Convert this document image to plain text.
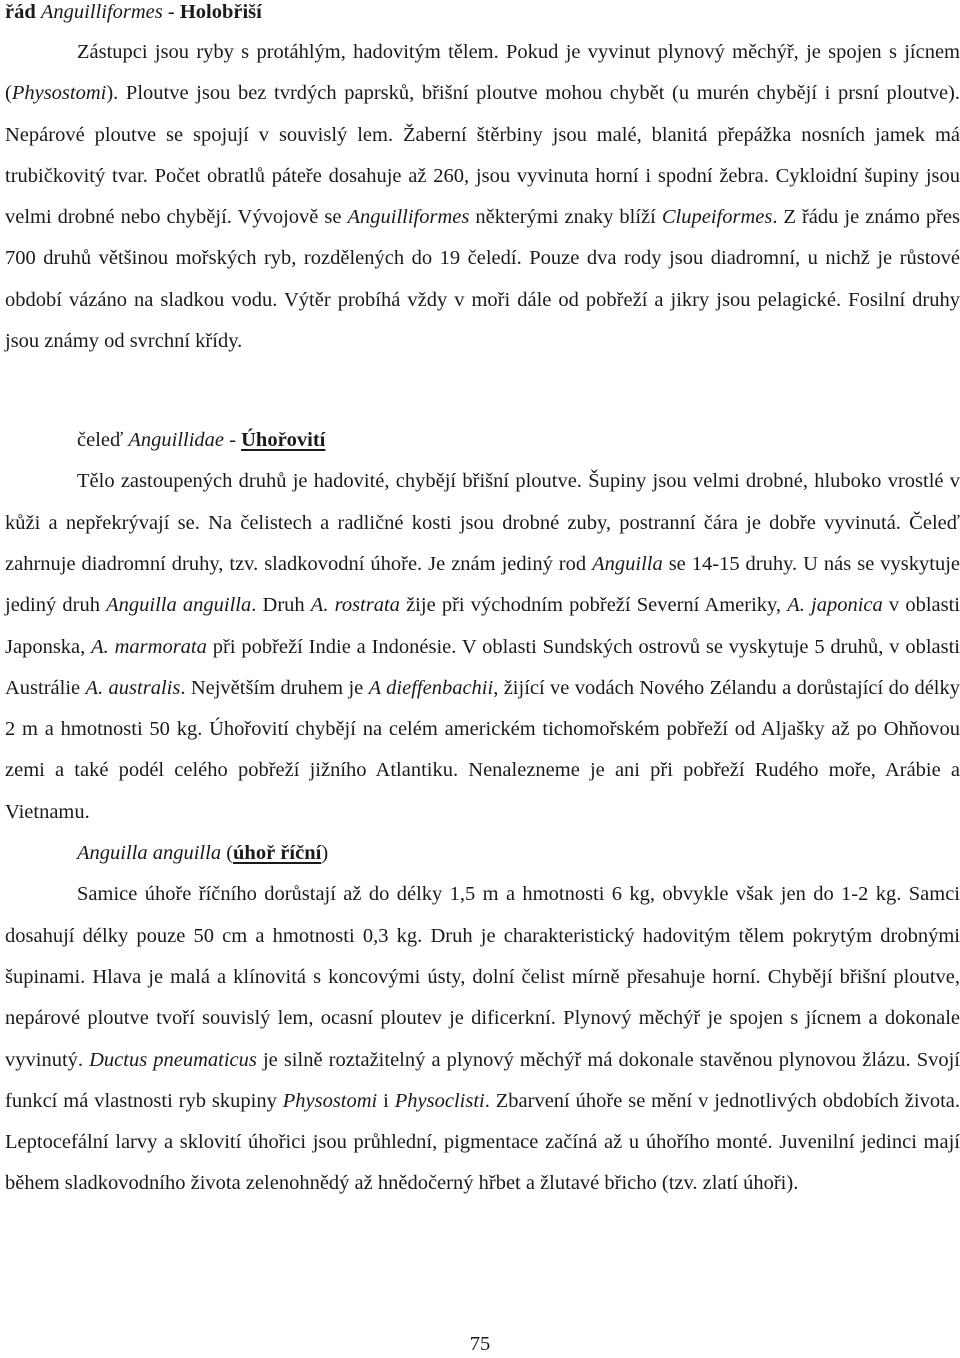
řád Anguilliformes - Holobřiší

Zástupci jsou ryby s protáhlým, hadovitým tělem. Pokud je vyvinut plynový měchýř, je spojen s jícnem (Physostomi). Ploutve jsou bez tvrdých paprsků, břišní ploutve mohou chybět (u murén chybějí i prsní ploutve). Nepárové ploutve se spojují v souvislý lem. Žaberní štěrbiny jsou malé, blanitá přepážka nosních jamek má trubičkovitý tvar. Počet obratlů páteře dosahuje až 260, jsou vyvinuta horní i spodní žebra. Cykloidní šupiny jsou velmi drobné nebo chybějí. Vývojově se Anguilliformes některými znaky blíží Clupeiformes. Z řádu je známo přes 700 druhů většinou mořských ryb, rozdělených do 19 čeledí. Pouze dva rody jsou diadromní, u nichž je růstové období vázáno na sladkou vodu. Výtěr probíhá vždy v moři dále od pobřeží a jikry jsou pelagické. Fosilní druhy jsou známy od svrchní křídy.

čeleď Anguillidae - Úhořovití

Tělo zastoupených druhů je hadovité, chybějí břišní ploutve. Šupiny jsou velmi drobné, hluboko vrostlé v kůži a nepřekrývají se. Na čelistech a radličné kosti jsou drobné zuby, postranní čára je dobře vyvinutá. Čeleď zahrnuje diadromní druhy, tzv. sladkovodní úhoře. Je znám jediný rod Anguilla se 14-15 druhy. U nás se vyskytuje jediný druh Anguilla anguilla. Druh A. rostrata žije při východním pobřeží Severní Ameriky, A. japonica v oblasti Japonska, A. marmorata při pobřeží Indie a Indonésie. V oblasti Sundských ostrovů se vyskytuje 5 druhů, v oblasti Austrálie A. australis. Největším druhem je A dieffenbachii, žijící ve vodách Nového Zélandu a dorůstající do délky 2 m a hmotnosti 50 kg. Úhořovití chybějí na celém americkém tichomořském pobřeží od Aljašky až po Ohňovou zemi a také podél celého pobřeží jižního Atlantiku. Nenalezneme je ani při pobřeží Rudého moře, Arábie a Vietnamu.

Anguilla anguilla (úhoř říční)

Samice úhoře říčního dorůstají až do délky 1,5 m a hmotnosti 6 kg, obvykle však jen do 1-2 kg. Samci dosahují délky pouze 50 cm a hmotnosti 0,3 kg. Druh je charakteristický hadovitým tělem pokrytým drobnými šupinami. Hlava je malá a klínovitá s koncovými ústy, dolní čelist mírně přesahuje horní. Chybějí břišní ploutve, nepárové ploutve tvoří souvislý lem, ocasní ploutev je dificerkní. Plynový měchýř je spojen s jícnem a dokonale vyvinutý. Ductus pneumaticus je silně roztažitelný a plynový měchýř má dokonale stavěnou plynovou žlázu. Svojí funkcí má vlastnosti ryb skupiny Physostomi i Physoclisti. Zbarvení úhoře se mění v jednotlivých obdobích života. Leptocefální larvy a sklovití úhořici jsou průhlední, pigmentace začíná až u úhořího monté. Juvenilní jedinci mají během sladkovodního života zelenohnědý až hnědočerný hřbet a žlutavé břicho (tzv. zlatí úhoři).

75
